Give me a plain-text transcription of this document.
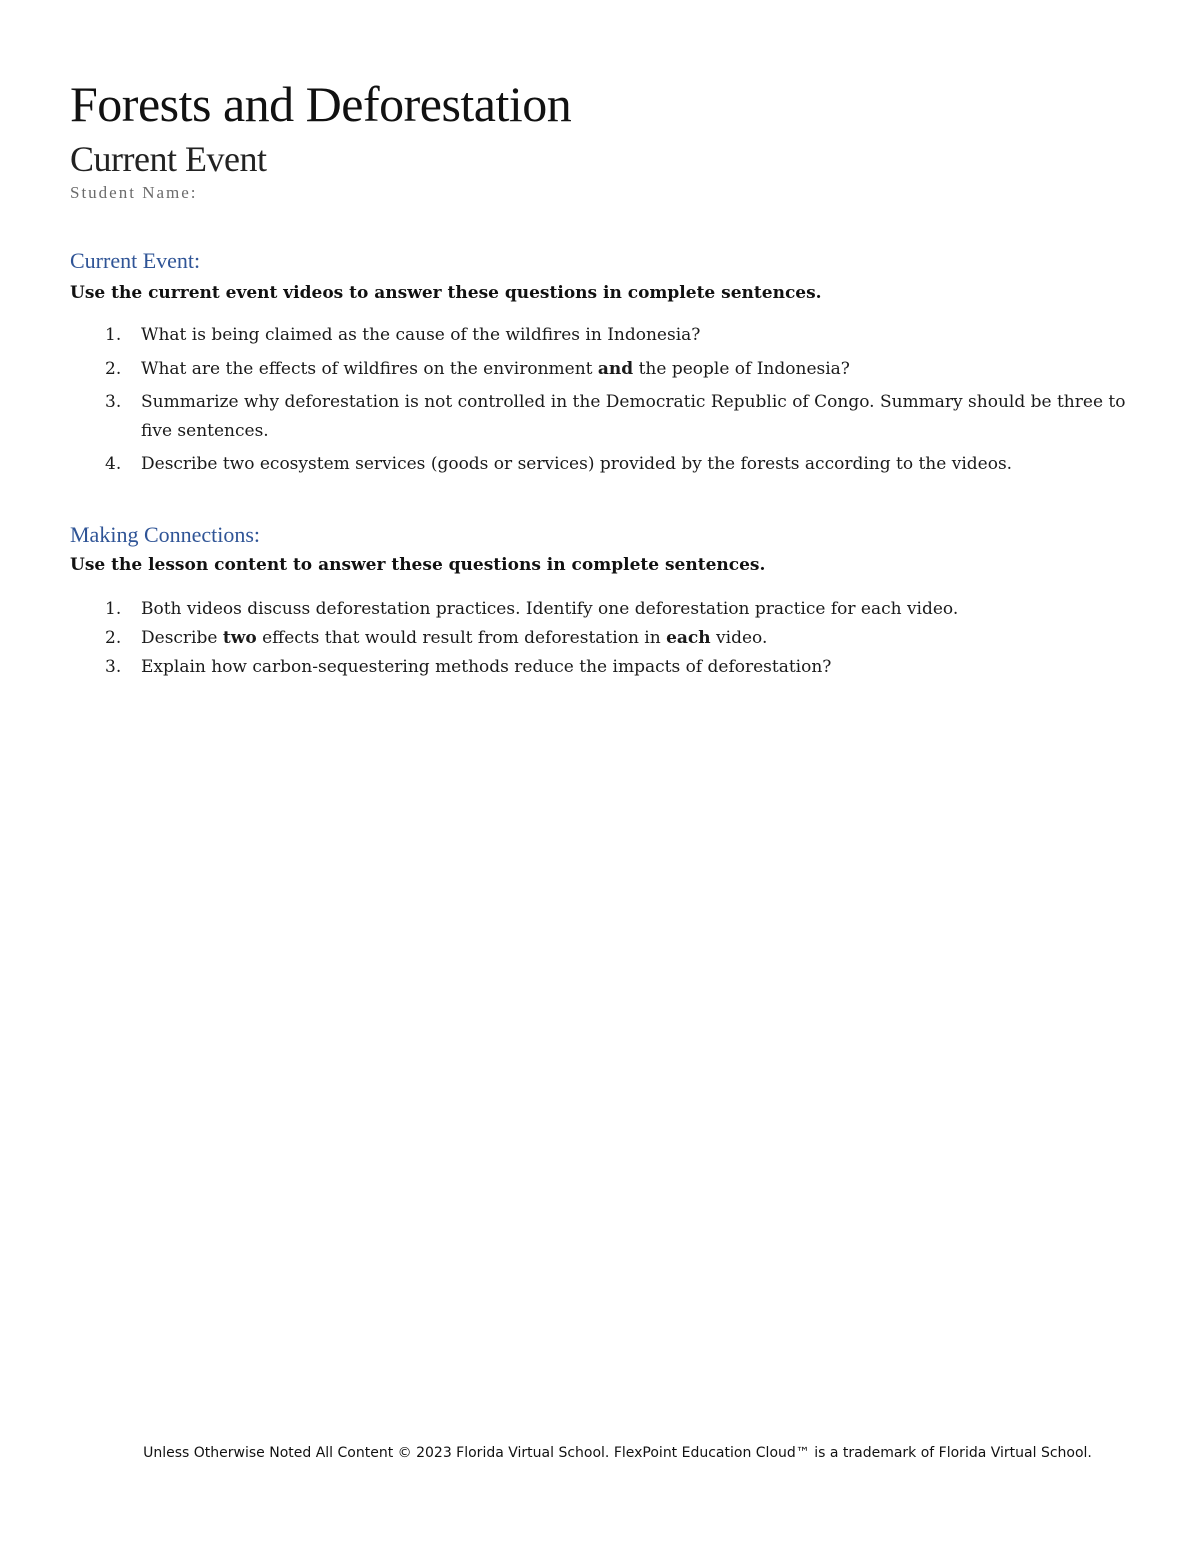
Forests and Deforestation
Current Event

Student Name:

Current Event:

Use the current event videos to answer these questions in complete sentences.

1. What is being claimed as the cause of the wildfires in Indonesia?
2. What are the effects of wildfires on the environment and the people of Indonesia?
3. Summarize why deforestation is not controlled in the Democratic Republic of Congo. Summary should be three to five sentences.
4. Describe two ecosystem services (goods or services) provided by the forests according to the videos.
Making Connections:

Use the lesson content to answer these questions in complete sentences.

1. Both videos discuss deforestation practices. Identify one deforestation practice for each video.
2. Describe two effects that would result from deforestation in each video.
3. Explain how carbon-sequestering methods reduce the impacts of deforestation?
Unless Otherwise Noted All Content © 2023 Florida Virtual School. FlexPoint Education Cloud™ is a trademark of Florida Virtual School.
